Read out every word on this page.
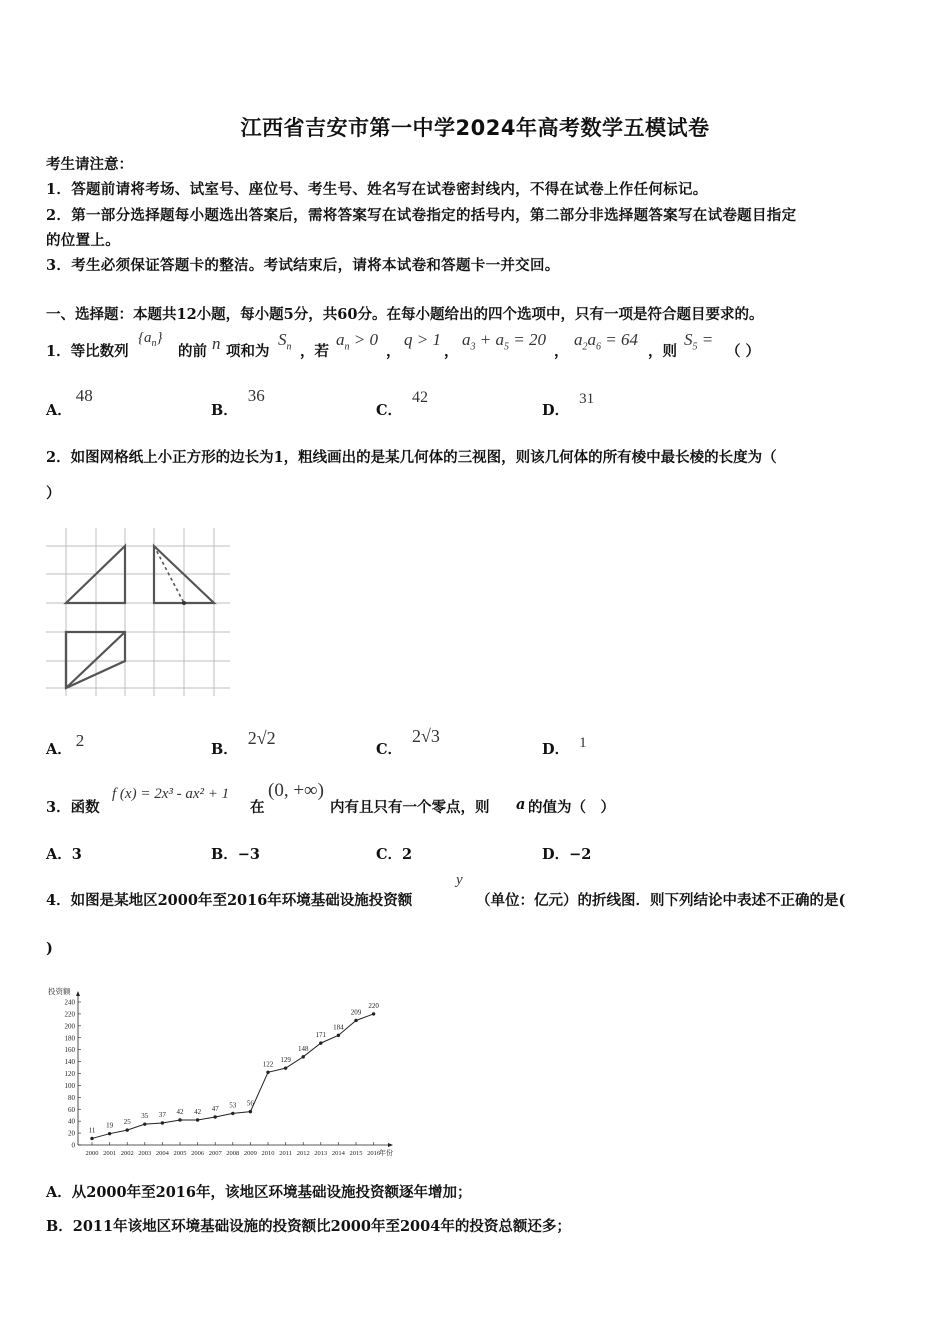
江西省吉安市第一中学2024年高考数学五模试卷
考生请注意：
1．答题前请将考场、试室号、座位号、考生号、姓名写在试卷密封线内，不得在试卷上作任何标记。
2．第一部分选择题每小题选出答案后，需将答案写在试卷指定的括号内，第二部分非选择题答案写在试卷题目指定
的位置上。
3．考生必须保证答题卡的整洁。考试结束后，请将本试卷和答题卡一并交回。
一、选择题：本题共12小题，每小题5分，共60分。在每小题给出的四个选项中，只有一项是符合题目要求的。
1．等比数列
$\{a_n\}$
的前 n 项和为
$S_n$ ，若
$a_n > 0$
，
q > 1
，
$a_3 + a_5 = 20$
，
$a_2a_6 = 64$
，则
$S_5$ =
（ ）
A．48
B．36
C．42
D．31
2．如图网格纸上小正方形的边长为1，粗线画出的是某几何体的三视图，则该几何体的所有棱中最长棱的长度为（
）
A． 2	B．2√2
C．2√3
D． 1
3．函数
f (x) = 2x³ - ax² + 1
在
(0, +∞)
内有且只有一个零点，则 a 的值为（　）
A．3	B．−3	C．2	D．−2
4．如图是某地区2000年至2016年环境基础设施投资额
y
（单位：亿元）的折线图．则下列结论中表述不正确的是(
)
投资额
年份
0
20
40
60
80
100
120
140
160
180
200
220
240
2000 2001 2002 2003 2004 2005 2006 2007 2008 2009 2010 2011 2012 2013 2014 2015 2016
11
19 25
35 37 42 42 47 53 56
122
129
148
171
184
209
220
A．从2000年至2016年，该地区环境基础设施投资额逐年增加；
B．2011年该地区环境基础设施的投资额比2000年至2004年的投资总额还多；
